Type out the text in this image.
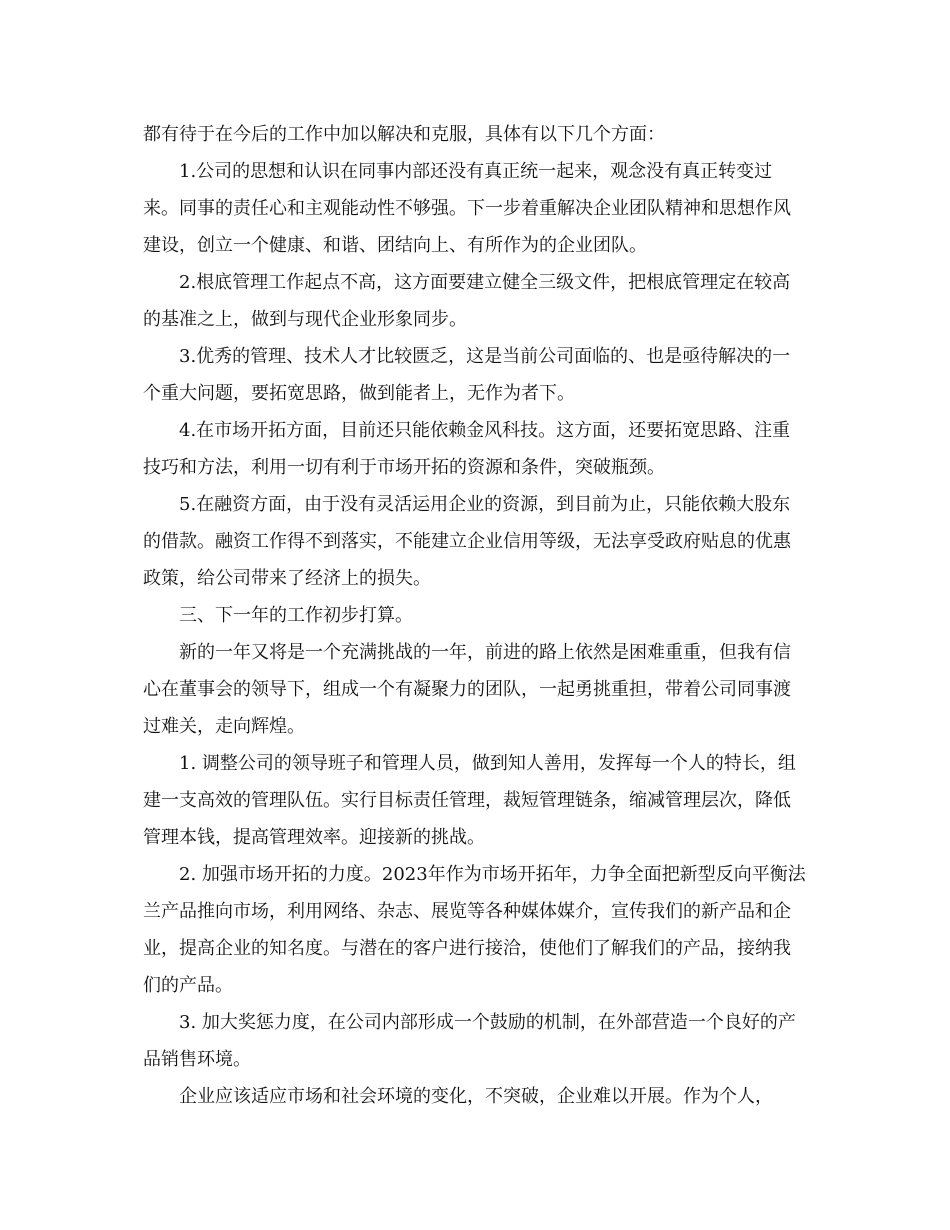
都有待于在今后的工作中加以解决和克服，具体有以下几个方面：

1.公司的思想和认识在同事内部还没有真正统一起来，观念没有真正转变过来。同事的责任心和主观能动性不够强。下一步着重解决企业团队精神和思想作风建设，创立一个健康、和谐、团结向上、有所作为的企业团队。

2.根底管理工作起点不高，这方面要建立健全三级文件，把根底管理定在较高的基准之上，做到与现代企业形象同步。

3.优秀的管理、技术人才比较匮乏，这是当前公司面临的、也是亟待解决的一个重大问题，要拓宽思路，做到能者上，无作为者下。

4.在市场开拓方面，目前还只能依赖金风科技。这方面，还要拓宽思路、注重技巧和方法，利用一切有利于市场开拓的资源和条件，突破瓶颈。

5.在融资方面，由于没有灵活运用企业的资源，到目前为止，只能依赖大股东的借款。融资工作得不到落实，不能建立企业信用等级，无法享受政府贴息的优惠政策，给公司带来了经济上的损失。

三、下一年的工作初步打算。

新的一年又将是一个充满挑战的一年，前进的路上依然是困难重重，但我有信心在董事会的领导下，组成一个有凝聚力的团队，一起勇挑重担，带着公司同事渡过难关，走向辉煌。

1. 调整公司的领导班子和管理人员，做到知人善用，发挥每一个人的特长，组建一支高效的管理队伍。实行目标责任管理，裁短管理链条，缩减管理层次，降低管理本钱，提高管理效率。迎接新的挑战。

2. 加强市场开拓的力度。2023年作为市场开拓年，力争全面把新型反向平衡法兰产品推向市场，利用网络、杂志、展览等各种媒体媒介，宣传我们的新产品和企业，提高企业的知名度。与潜在的客户进行接洽，使他们了解我们的产品，接纳我们的产品。

3. 加大奖惩力度，在公司内部形成一个鼓励的机制，在外部营造一个良好的产品销售环境。

企业应该适应市场和社会环境的变化，不突破，企业难以开展。作为个人，
